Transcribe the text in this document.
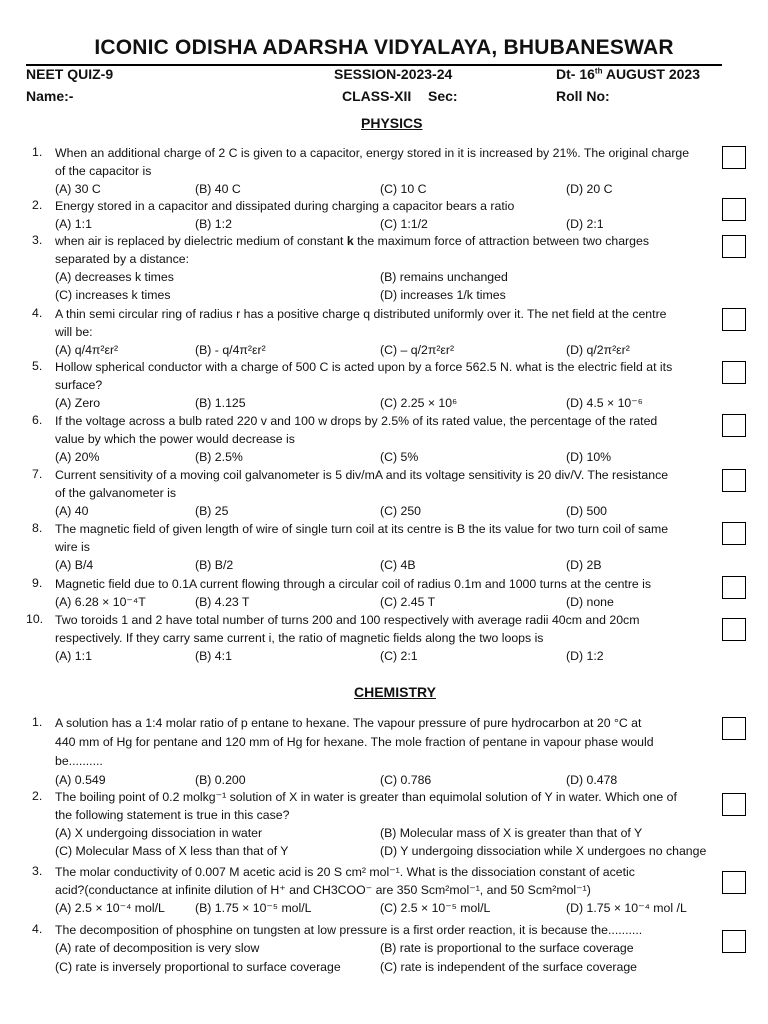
ICONIC ODISHA ADARSHA VIDYALAYA, BHUBANESWAR
NEET QUIZ-9	SESSION-2023-24	Dt- 16th AUGUST 2023
Name:-	CLASS-XII Sec:	Roll No:
PHYSICS
1. When an additional charge of 2 C is given to a capacitor, energy stored in it is increased by 21%. The original charge
of the capacitor is
(A) 30 C	(B) 40 C	(C) 10 C	(D) 20 C
2. Energy stored in a capacitor and dissipated during charging a capacitor bears a ratio
(A) 1:1	(B) 1:2	(C) 1:1/2	(D) 2:1
3. when air is replaced by dielectric medium of constant k the maximum force of attraction between two charges
separated by a distance:
(A) decreases k times	(B) remains unchanged
(C) increases k times	(D) increases 1/k times
4. A thin semi circular ring of radius r has a positive charge q distributed uniformly over it. The net field at the centre
will be:
(A) q/4π²εr²	(B) - q/4π²εr²	(C) – q/2π²εr²	(D) q/2π²εr²
5. Hollow spherical conductor with a charge of 500 C is acted upon by a force 562.5 N. what is the electric field at its
surface?
(A) Zero	(B) 1.125	(C) 2.25 × 10⁶	(D) 4.5 × 10⁻⁶
6. If the voltage across a bulb rated 220 v and 100 w drops by 2.5% of its rated value, the percentage of the rated
value by which the power would decrease is
(A) 20%	(B) 2.5%	(C) 5%	(D) 10%
7. Current sensitivity of a moving coil galvanometer is 5 div/mA and its voltage sensitivity is 20 div/V. The resistance
of the galvanometer is
(A) 40	(B) 25	(C) 250	(D) 500
8. The magnetic field of given length of wire of single turn coil at its centre is B the its value for two turn coil of same
wire is
(A) B/4	(B) B/2	(C) 4B	(D) 2B
9. Magnetic field due to 0.1A current flowing through a circular coil of radius 0.1m and 1000 turns at the centre is
(A) 6.28 × 10⁻⁴T	(B) 4.23 T	(C) 2.45 T	(D) none
10. Two toroids 1 and 2 have total number of turns 200 and 100 respectively with average radii 40cm and 20cm
respectively. If they carry same current i, the ratio of magnetic fields along the two loops is
(A) 1:1	(B) 4:1	(C) 2:1	(D) 1:2
CHEMISTRY
1. A solution has a 1:4 molar ratio of p entane to hexane. The vapour pressure of pure hydrocarbon at 20 °C at
440 mm of Hg for pentane and 120 mm of Hg for hexane. The mole fraction of pentane in vapour phase would
be..........
(A) 0.549	(B) 0.200	(C) 0.786	(D) 0.478
2. The boiling point of 0.2 molkg⁻¹ solution of X in water is greater than equimolal solution of Y in water. Which one of
the following statement is true in this case?
(A) X undergoing dissociation in water	(B) Molecular mass of X is greater than that of Y
(C) Molecular Mass of X less than that of Y	(D) Y undergoing dissociation while X undergoes no change
3. The molar conductivity of 0.007 M acetic acid is 20 S cm² mol⁻¹. What is the dissociation constant of acetic
acid?(conductance at infinite dilution of H⁺ and CH3COO⁻ are 350 Scm²mol⁻¹, and 50 Scm²mol⁻¹)
(A) 2.5 × 10⁻⁴ mol/L (B) 1.75 × 10⁻⁵ mol/L	(C) 2.5 × 10⁻⁵ mol/L	(D) 1.75 × 10⁻⁴ mol /L
4. The decomposition of phosphine on tungsten at low pressure is a first order reaction, it is because the..........
(A) rate of decomposition is very slow	(B) rate is proportional to the surface coverage
(C) rate is inversely proportional to surface coverage	(C) rate is independent of the surface coverage
